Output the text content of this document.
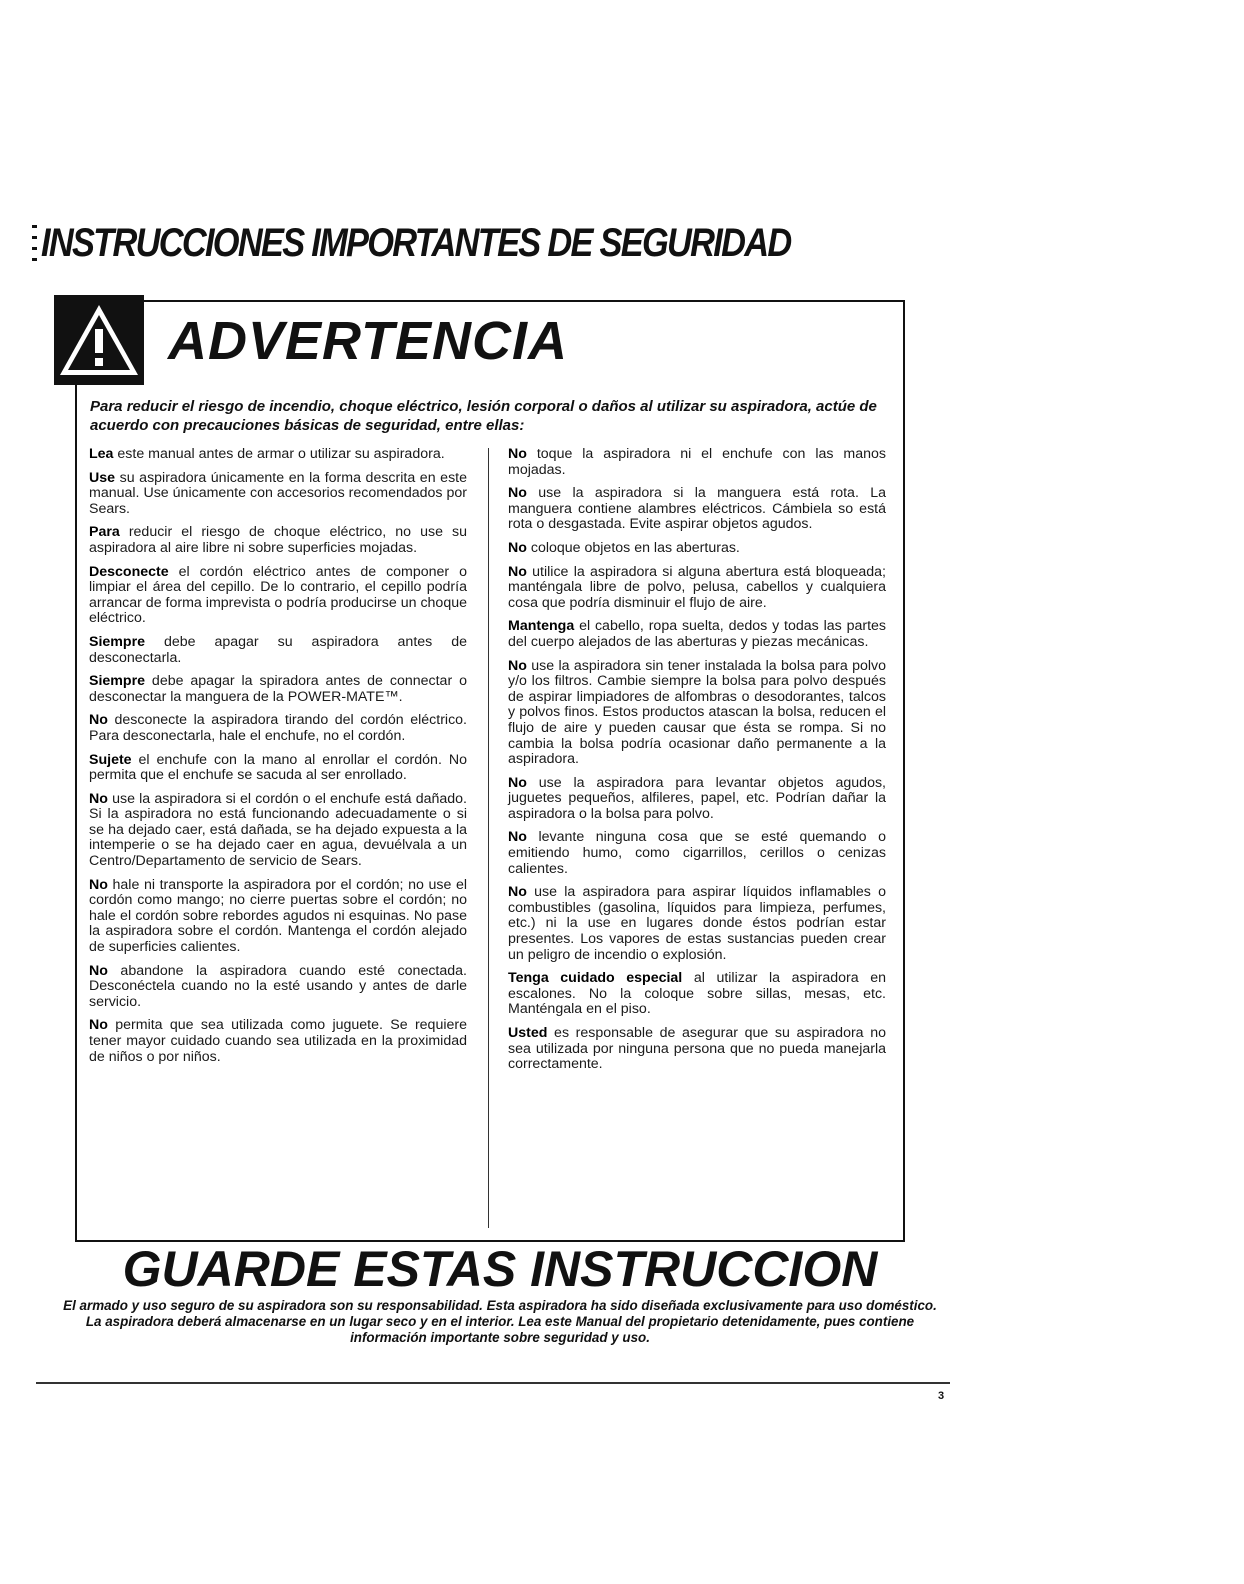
INSTRUCCIONES IMPORTANTES DE SEGURIDAD
ADVERTENCIA
Para reducir el riesgo de incendio, choque eléctrico, lesión corporal o daños al utilizar su aspiradora, actúe de acuerdo con precauciones básicas de seguridad, entre ellas:

Lea este manual antes de armar o utilizar su aspiradora.

Use su aspiradora únicamente en la forma descrita en este manual. Use únicamente con accesorios recomendados por Sears.

Para reducir el riesgo de choque eléctrico, no use su aspiradora al aire libre ni sobre superficies mojadas.

Desconecte el cordón eléctrico antes de componer o limpiar el área del cepillo. De lo contrario, el cepillo podría arrancar de forma imprevista o podría producirse un choque eléctrico.

Siempre debe apagar su aspiradora antes de desconectarla.

Siempre debe apagar la spiradora antes de connectar o desconectar la manguera de la POWER-MATE™.

No desconecte la aspiradora tirando del cordón eléctrico. Para desconectarla, hale el enchufe, no el cordón.

Sujete el enchufe con la mano al enrollar el cordón. No permita que el enchufe se sacuda al ser enrollado.

No use la aspiradora si el cordón o el enchufe está dañado. Si la aspiradora no está funcionando adecuadamente o si se ha dejado caer, está dañada, se ha dejado expuesta a la intemperie o se ha dejado caer en agua, devuélvala a un Centro/Departamento de servicio de Sears.

No hale ni transporte la aspiradora por el cordón; no use el cordón como mango; no cierre puertas sobre el cordón; no hale el cordón sobre rebordes agudos ni esquinas. No pase la aspiradora sobre el cordón. Mantenga el cordón alejado de superficies calientes.

No abandone la aspiradora cuando esté conectada. Desconéctela cuando no la esté usando y antes de darle servicio.

No permita que sea utilizada como juguete. Se requiere tener mayor cuidado cuando sea utilizada en la proximidad de niños o por niños.

No toque la aspiradora ni el enchufe con las manos mojadas.

No use la aspiradora si la manguera está rota. La manguera contiene alambres eléctricos. Cámbiela so está rota o desgastada. Evite aspirar objetos agudos.

No coloque objetos en las aberturas.

No utilice la aspiradora si alguna abertura está bloqueada; manténgala libre de polvo, pelusa, cabellos y cualquiera cosa que podría disminuir el flujo de aire.

Mantenga el cabello, ropa suelta, dedos y todas las partes del cuerpo alejados de las aberturas y piezas mecánicas.

No use la aspiradora sin tener instalada la bolsa para polvo y/o los filtros. Cambie siempre la bolsa para polvo después de aspirar limpiadores de alfombras o desodorantes, talcos y polvos finos. Estos productos atascan la bolsa, reducen el flujo de aire y pueden causar que ésta se rompa. Si no cambia la bolsa podría ocasionar daño permanente a la aspiradora.

No use la aspiradora para levantar objetos agudos, juguetes pequeños, alfileres, papel, etc. Podrían dañar la aspiradora o la bolsa para polvo.

No levante ninguna cosa que se esté quemando o emitiendo humo, como cigarrillos, cerillos o cenizas calientes.

No use la aspiradora para aspirar líquidos inflamables o combustibles (gasolina, líquidos para limpieza, perfumes, etc.) ni la use en lugares donde éstos podrían estar presentes. Los vapores de estas sustancias pueden crear un peligro de incendio o explosión.

Tenga cuidado especial al utilizar la aspiradora en escalones. No la coloque sobre sillas, mesas, etc. Manténgala en el piso.

Usted es responsable de asegurar que su aspiradora no sea utilizada por ninguna persona que no pueda manejarla correctamente.

GUARDE ESTAS INSTRUCCION
El armado y uso seguro de su aspiradora son su responsabilidad. Esta aspiradora ha sido diseñada exclusivamente para uso doméstico. La aspiradora deberá almacenarse en un lugar seco y en el interior. Lea este Manual del propietario detenidamente, pues contiene información importante sobre seguridad y uso.
3
